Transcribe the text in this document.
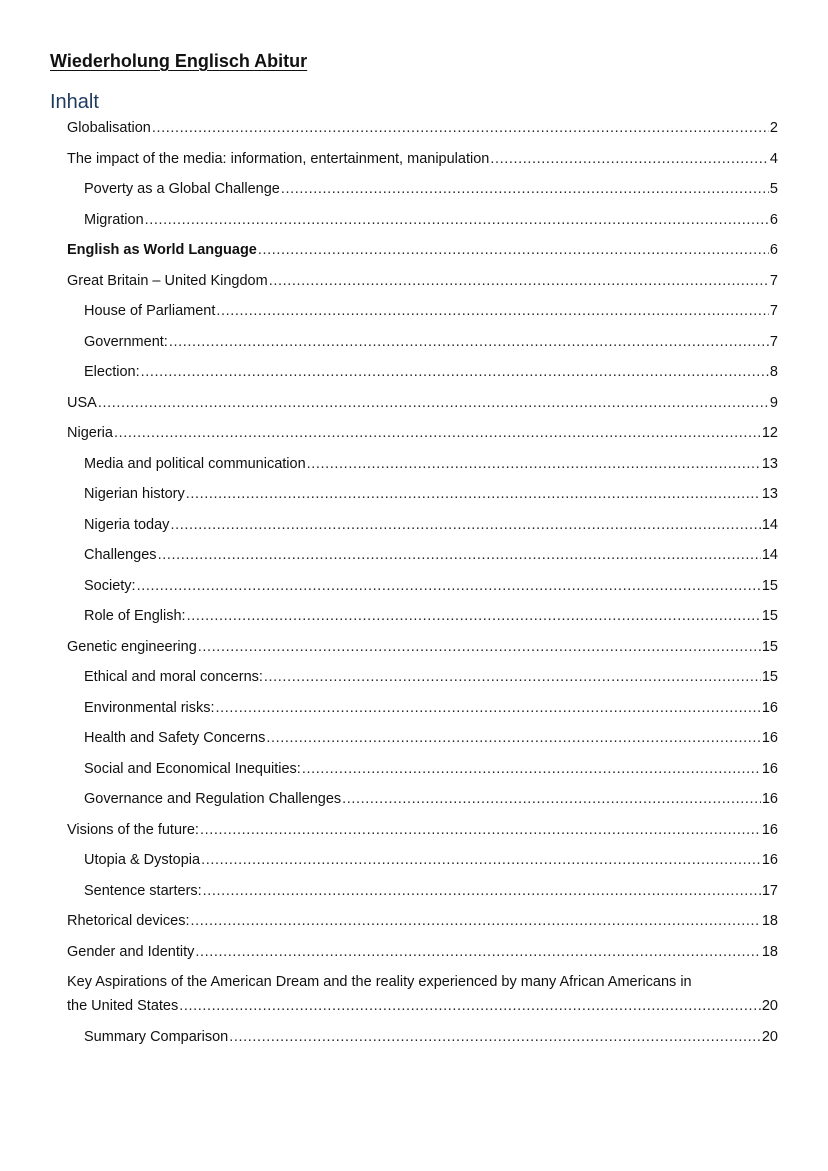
Wiederholung Englisch Abitur
Inhalt
Globalisation .....	2
The impact of the media: information, entertainment, manipulation .....	4
Poverty as a Global Challenge .....	5
Migration .....	6
English as World Language .....	6
Great Britain – United Kingdom .....	7
House of Parliament .....	7
Government: .....	7
Election: .....	8
USA .....	9
Nigeria .....	12
Media and political communication .....	13
Nigerian history .....	13
Nigeria today .....	14
Challenges .....	14
Society: .....	15
Role of English: .....	15
Genetic engineering .....	15
Ethical and moral concerns: .....	15
Environmental risks: .....	16
Health and Safety Concerns .....	16
Social and Economical Inequities: .....	16
Governance and Regulation Challenges .....	16
Visions of the future: .....	16
Utopia & Dystopia .....	16
Sentence starters: .....	17
Rhetorical devices: .....	18
Gender and Identity .....	18
Key Aspirations of the American Dream and the reality experienced by many African Americans in
the United States .....	20
Summary Comparison .....	20
